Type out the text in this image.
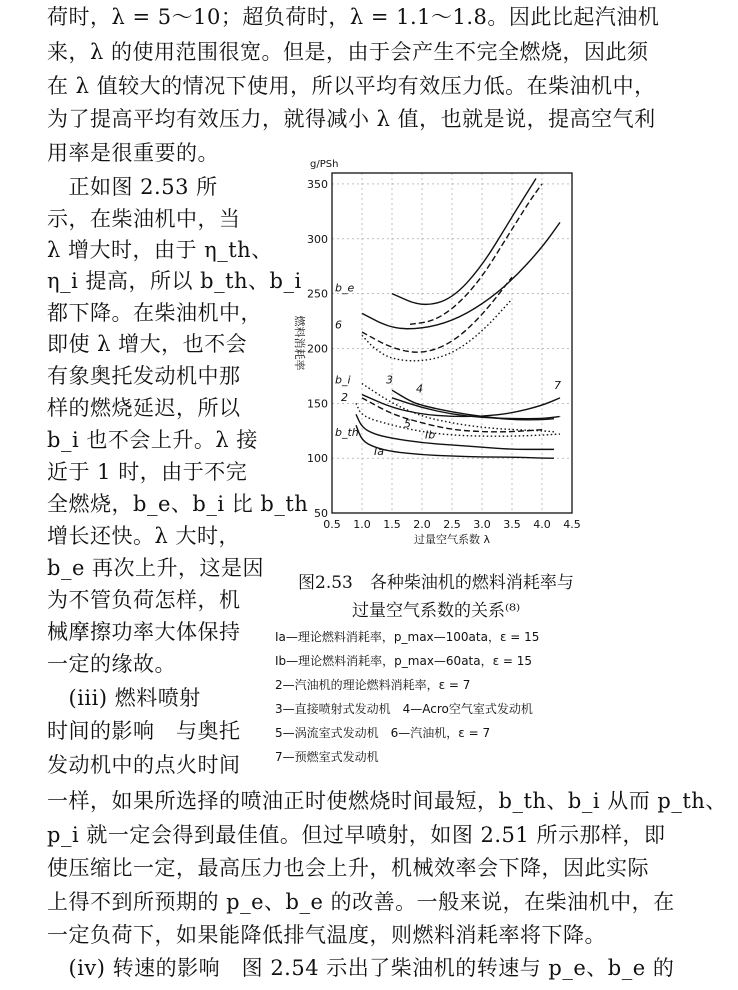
荷时，λ = 5～10；超负荷时，λ = 1.1～1.8。因此比起汽油机
来，λ 的使用范围很宽。但是，由于会产生不完全燃烧，因此须
在 λ 值较大的情况下使用，所以平均有效压力低。在柴油机中，
为了提高平均有效压力，就得减小 λ 值，也就是说，提高空气利
用率是很重要的。
　正如图 2.53 所
示，在柴油机中，当
λ 增大时，由于 η_th、
η_i 提高，所以 b_th、b_i
都下降。在柴油机中，
即使 λ 增大，也不会
有象奥托发动机中那
样的燃烧延迟，所以
b_i 也不会上升。λ 接
近于 1 时，由于不完
全燃烧，b_e、b_i 比 b_th
增长还快。λ 大时，
b_e 再次上升，这是因
为不管负荷怎样，机
械摩擦功率大体保持
一定的缘故。
　(iii) 燃料喷射
时间的影响　与奥托
发动机中的点火时间
0.5 1.0 1.5 2.0 2.5 3.0 3.5 4.0 4.5
50
100
150
200
250
300
350
g/PSh
过量空气系数 λ
燃料消耗率
b_e
b_i
b_th
Ia
Ib
2
3
4
5
6
7
图2.53　各种柴油机的燃料消耗率与
过量空气系数的关系⁽⁸⁾
Ⅰa—理论燃料消耗率，p_max—100ata，ε = 15
Ⅰb—理论燃料消耗率，p_max—60ata，ε = 15
2—汽油机的理论燃料消耗率，ε = 7
3—直接喷射式发动机　4—Acro空气室式发动机
5—涡流室式发动机　6—汽油机，ε = 7
7—预燃室式发动机
一样，如果所选择的喷油正时使燃烧时间最短，b_th、b_i 从而 p_th、
p_i 就一定会得到最佳值。但过早喷射，如图 2.51 所示那样，即
使压缩比一定，最高压力也会上升，机械效率会下降，因此实际
上得不到所预期的 p_e、b_e 的改善。一般来说，在柴油机中，在
一定负荷下，如果能降低排气温度，则燃料消耗率将下降。
　(iv) 转速的影响　图 2.54 示出了柴油机的转速与 p_e、b_e 的
